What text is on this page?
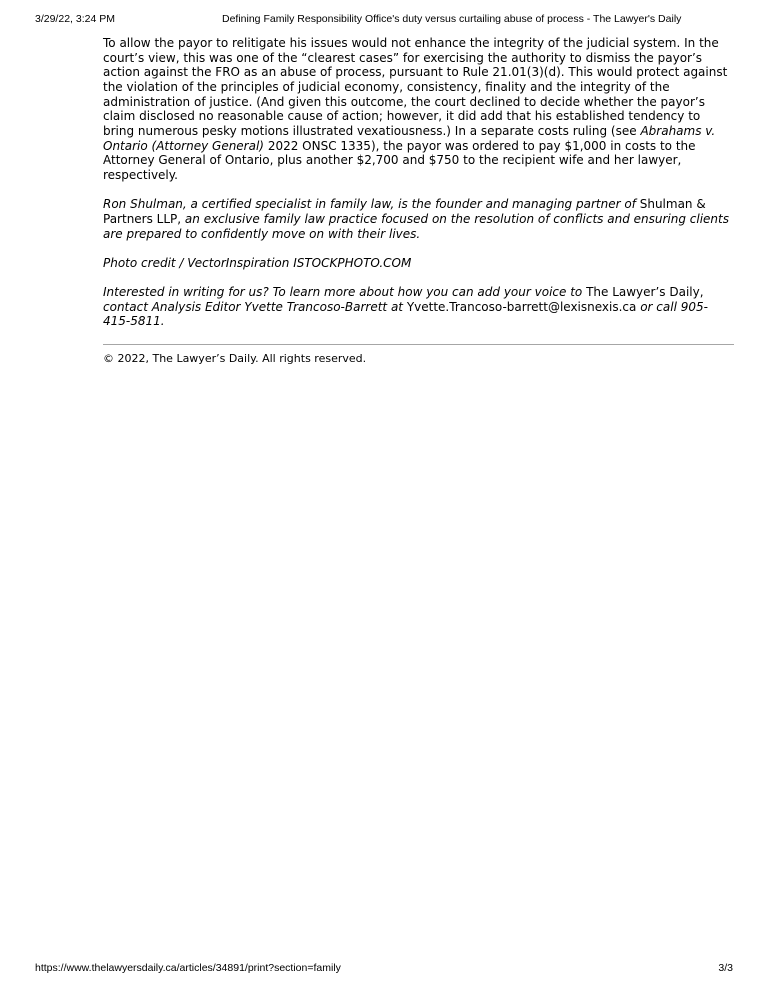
3/29/22, 3:24 PM	Defining Family Responsibility Office's duty versus curtailing abuse of process - The Lawyer's Daily

To allow the payor to relitigate his issues would not enhance the integrity of the judicial system. In the court’s view, this was one of the “clearest cases” for exercising the authority to dismiss the payor’s action against the FRO as an abuse of process, pursuant to Rule 21.01(3)(d). This would protect against the violation of the principles of judicial economy, consistency, finality and the integrity of the administration of justice. (And given this outcome, the court declined to decide whether the payor’s claim disclosed no reasonable cause of action; however, it did add that his established tendency to bring numerous pesky motions illustrated vexatiousness.) In a separate costs ruling (see Abrahams v. Ontario (Attorney General) 2022 ONSC 1335), the payor was ordered to pay $1,000 in costs to the Attorney General of Ontario, plus another $2,700 and $750 to the recipient wife and her lawyer, respectively.

Ron Shulman, a certified specialist in family law, is the founder and managing partner of Shulman & Partners LLP, an exclusive family law practice focused on the resolution of conflicts and ensuring clients are prepared to confidently move on with their lives.

Photo credit / VectorInspiration ISTOCKPHOTO.COM

Interested in writing for us? To learn more about how you can add your voice to The Lawyer’s Daily, contact Analysis Editor Yvette Trancoso-Barrett at Yvette.Trancoso-barrett@lexisnexis.ca or call 905-415-5811.

© 2022, The Lawyer’s Daily. All rights reserved.

https://www.thelawyersdaily.ca/articles/34891/print?section=family	3/3
